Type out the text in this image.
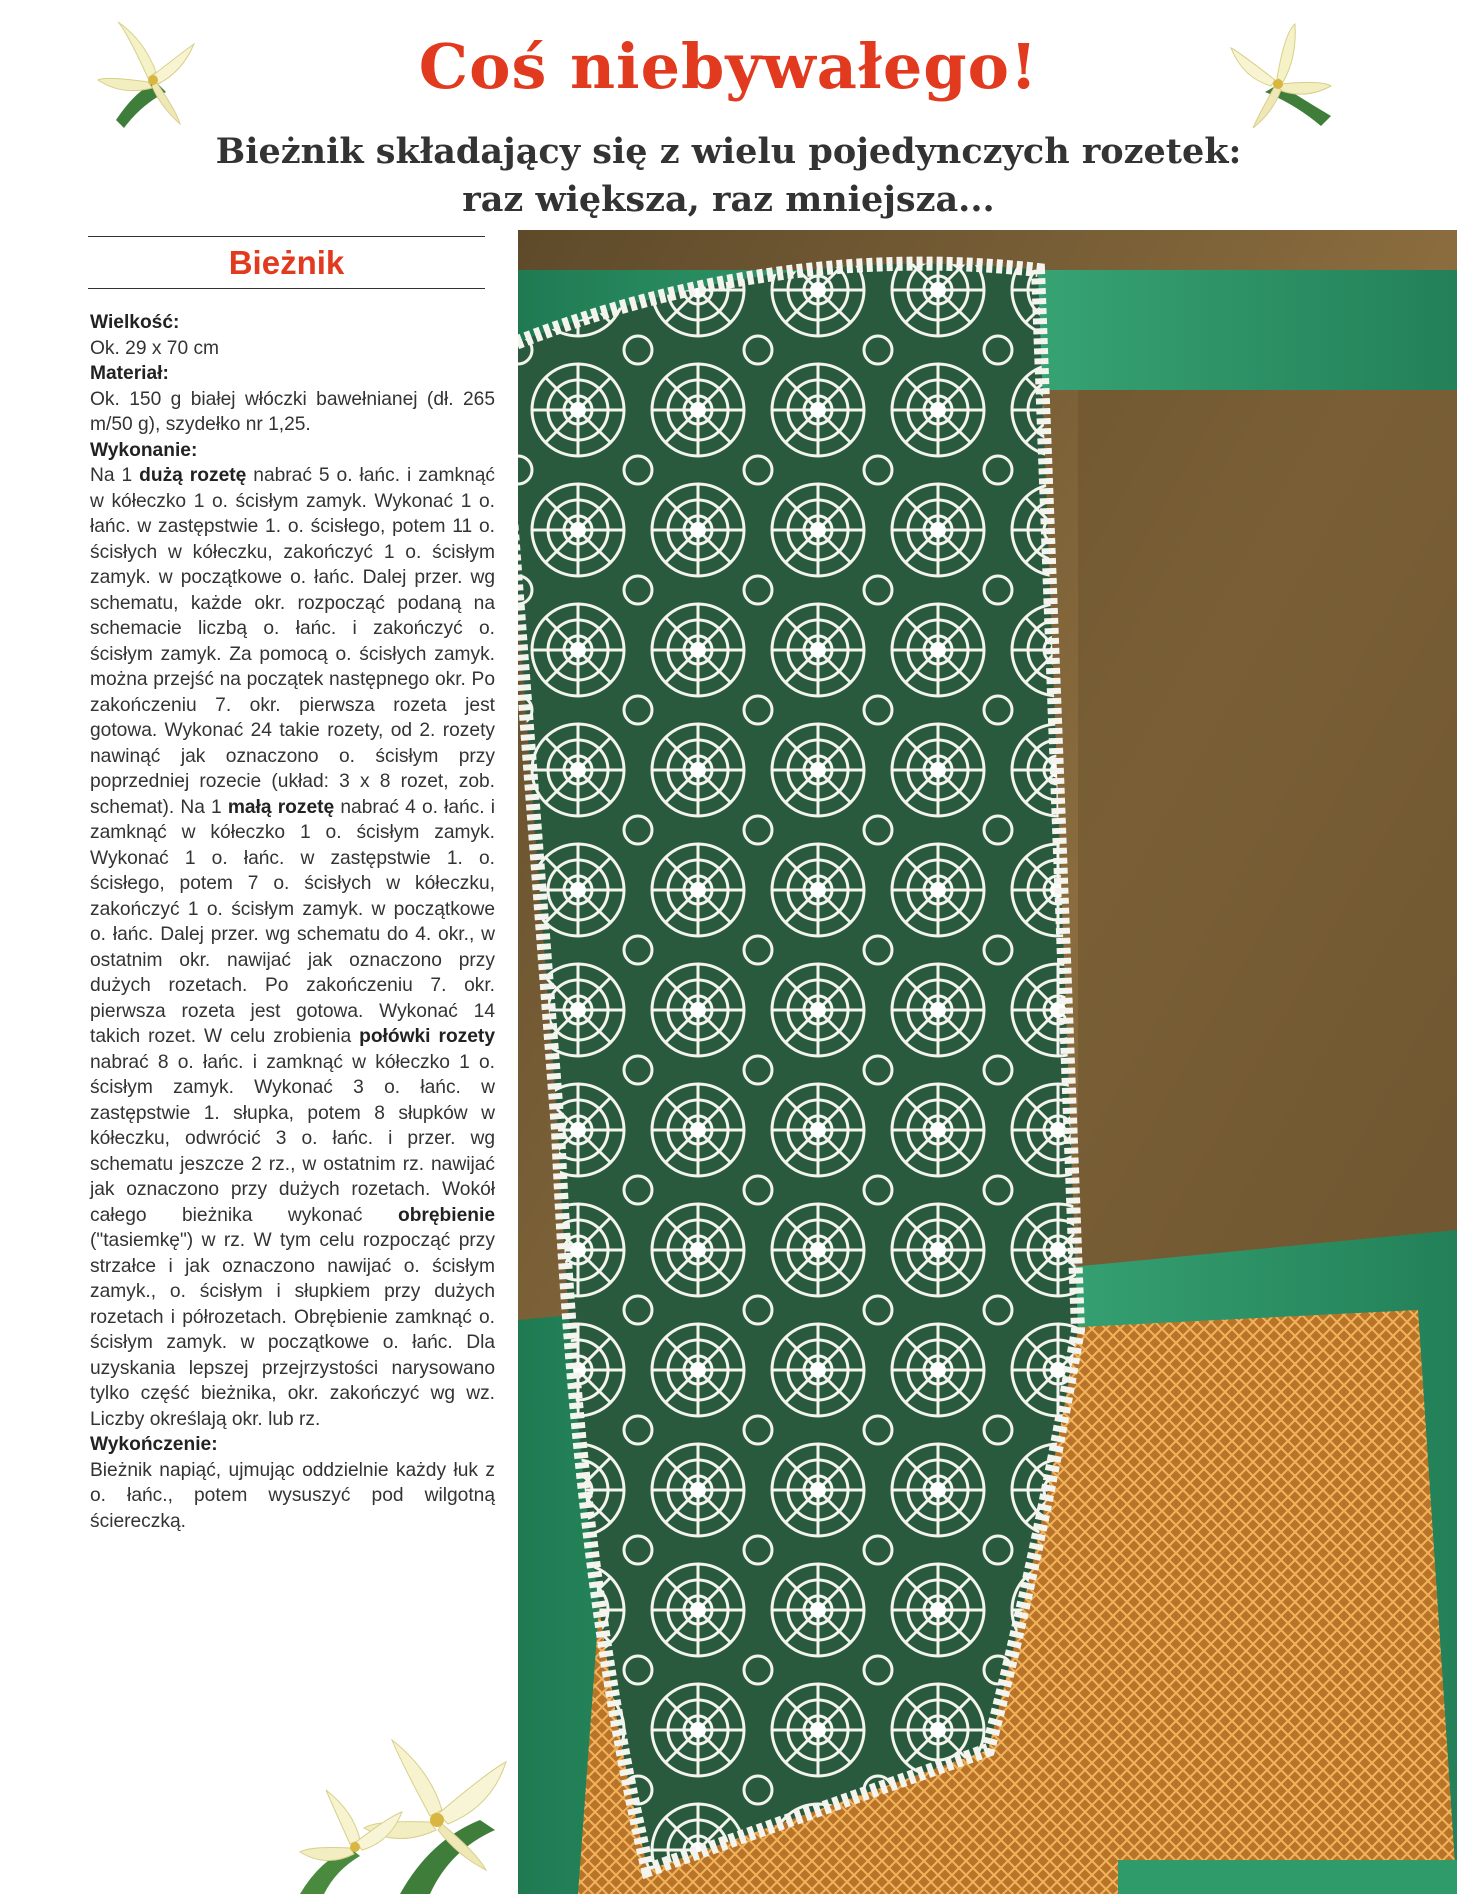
Coś niebywałego!
Bieżnik składający się z wielu pojedynczych rozetek:
raz większa, raz mniejsza...
Bieżnik
Wielkość:
Ok. 29 x 70 cm
Materiał:
Ok. 150 g białej włóczki bawełnianej (dł. 265 m/50 g), szydełko nr 1,25.
Wykonanie:
Na 1 dużą rozetę nabrać 5 o. łańc. i zamknąć w kółeczko 1 o. ścisłym zamyk. Wykonać 1 o. łańc. w zastępstwie 1. o. ścisłego, potem 11 o. ścisłych w kółeczku, zakończyć 1 o. ścisłym zamyk. w początkowe o. łańc. Dalej przer. wg schematu, każde okr. rozpocząć podaną na schemacie liczbą o. łańc. i zakończyć o. ścisłym zamyk. Za pomocą o. ścisłych zamyk. można przejść na początek następnego okr. Po zakończeniu 7. okr. pierwsza rozeta jest gotowa. Wykonać 24 takie rozety, od 2. rozety nawinąć jak oznaczono o. ścisłym przy poprzedniej rozecie (układ: 3 x 8 rozet, zob. schemat). Na 1 małą rozetę nabrać 4 o. łańc. i zamknąć w kółeczko 1 o. ścisłym zamyk. Wykonać 1 o. łańc. w zastępstwie 1. o. ścisłego, potem 7 o. ścisłych w kółeczku, zakończyć 1 o. ścisłym zamyk. w początkowe o. łańc. Dalej przer. wg schematu do 4. okr., w ostatnim okr. nawijać jak oznaczono przy dużych rozetach. Po zakończeniu 7. okr. pierwsza rozeta jest gotowa. Wykonać 14 takich rozet. W celu zrobienia połówki rozety nabrać 8 o. łańc. i zamknąć w kółeczko 1 o. ścisłym zamyk. Wykonać 3 o. łańc. w zastępstwie 1. słupka, potem 8 słupków w kółeczku, odwrócić 3 o. łańc. i przer. wg schematu jeszcze 2 rz., w ostatnim rz. nawijać jak oznaczono przy dużych rozetach. Wokół całego bieżnika wykonać obrębienie ("tasiemkę") w rz. W tym celu rozpocząć przy strzałce i jak oznaczono nawijać o. ścisłym zamyk., o. ścisłym i słupkiem przy dużych rozetach i półrozetach. Obrębienie zamknąć o. ścisłym zamyk. w początkowe o. łańc. Dla uzyskania lepszej przejrzystości narysowano tylko część bieżnika, okr. zakończyć wg wz. Liczby określają okr. lub rz.
Wykończenie:
Bieżnik napiąć, ujmując oddzielnie każdy łuk z o. łańc., potem wysuszyć pod wilgotną ściereczką.
